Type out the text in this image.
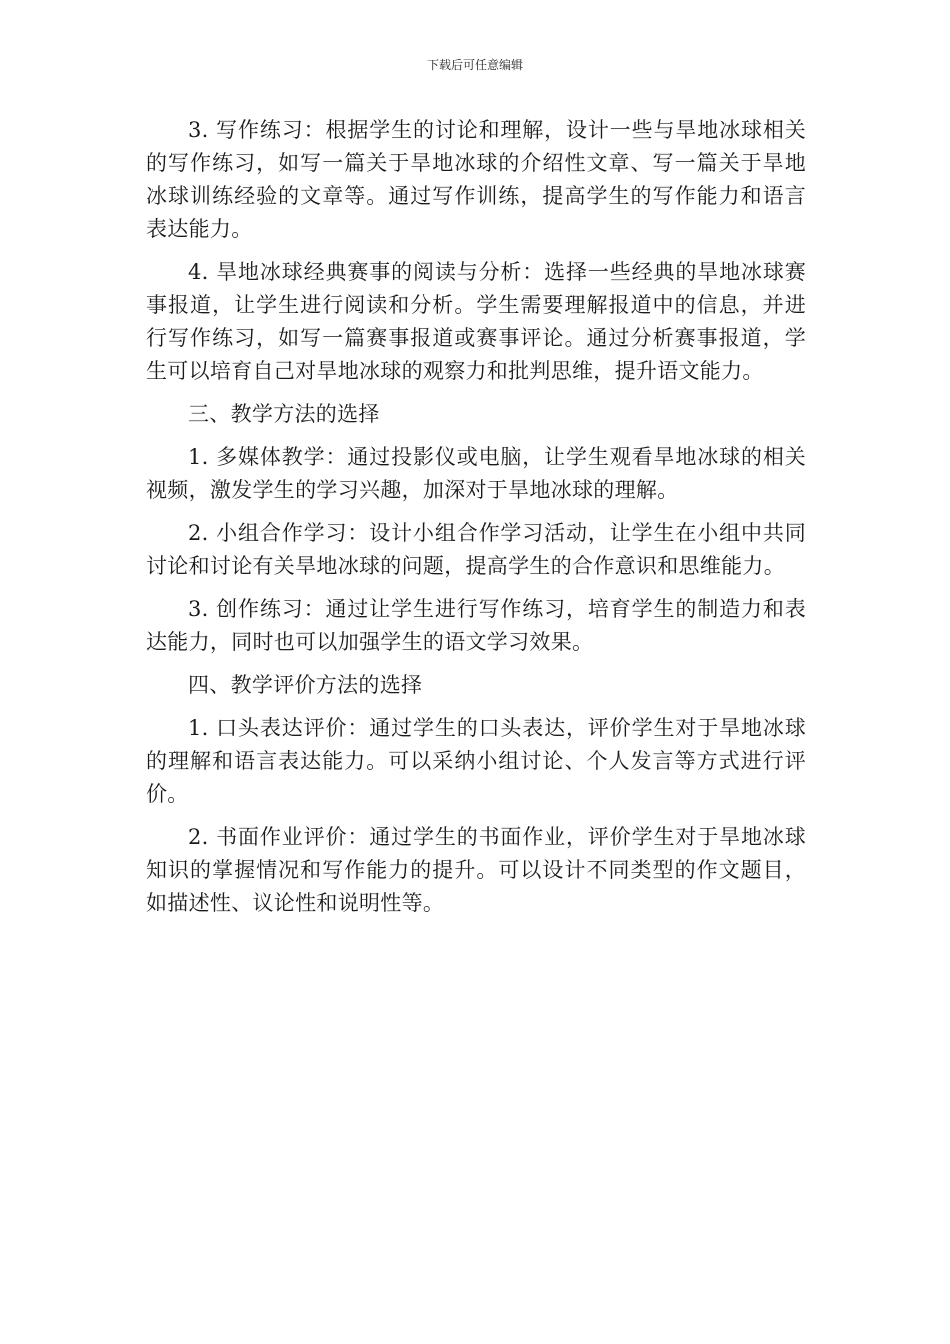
下载后可任意编辑

3. 写作练习：根据学生的讨论和理解，设计一些与旱地冰球相关的写作练习，如写一篇关于旱地冰球的介绍性文章、写一篇关于旱地冰球训练经验的文章等。通过写作训练，提高学生的写作能力和语言表达能力。

4. 旱地冰球经典赛事的阅读与分析：选择一些经典的旱地冰球赛事报道，让学生进行阅读和分析。学生需要理解报道中的信息，并进行写作练习，如写一篇赛事报道或赛事评论。通过分析赛事报道，学生可以培育自己对旱地冰球的观察力和批判思维，提升语文能力。

三、教学方法的选择

1. 多媒体教学：通过投影仪或电脑，让学生观看旱地冰球的相关视频，激发学生的学习兴趣，加深对于旱地冰球的理解。

2. 小组合作学习：设计小组合作学习活动，让学生在小组中共同讨论和讨论有关旱地冰球的问题，提高学生的合作意识和思维能力。

3. 创作练习：通过让学生进行写作练习，培育学生的制造力和表达能力，同时也可以加强学生的语文学习效果。

四、教学评价方法的选择

1. 口头表达评价：通过学生的口头表达，评价学生对于旱地冰球的理解和语言表达能力。可以采纳小组讨论、个人发言等方式进行评价。

2. 书面作业评价：通过学生的书面作业，评价学生对于旱地冰球知识的掌握情况和写作能力的提升。可以设计不同类型的作文题目，如描述性、议论性和说明性等。
